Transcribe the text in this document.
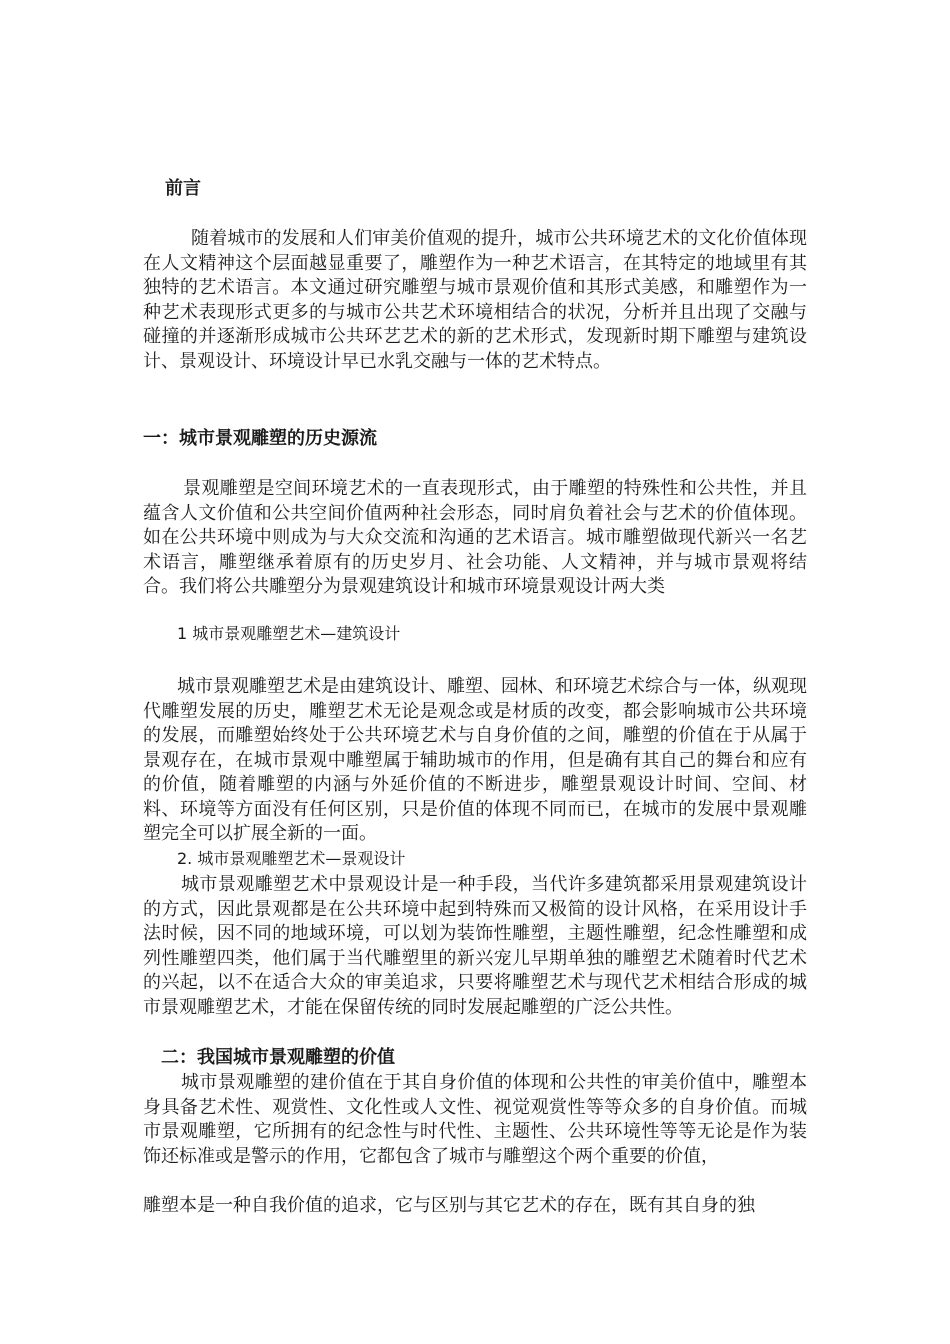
前言

随着城市的发展和人们审美价值观的提升，城市公共环境艺术的文化价值体现在人文精神这个层面越显重要了，雕塑作为一种艺术语言，在其特定的地域里有其独特的艺术语言。本文通过研究雕塑与城市景观价值和其形式美感，和雕塑作为一种艺术表现形式更多的与城市公共艺术环境相结合的状况，分析并且出现了交融与碰撞的并逐渐形成城市公共环艺艺术的新的艺术形式，发现新时期下雕塑与建筑设计、景观设计、环境设计早已水乳交融与一体的艺术特点。

一：城市景观雕塑的历史源流

景观雕塑是空间环境艺术的一直表现形式，由于雕塑的特殊性和公共性，并且蕴含人文价值和公共空间价值两种社会形态，同时肩负着社会与艺术的价值体现。如在公共环境中则成为与大众交流和沟通的艺术语言。城市雕塑做现代新兴一名艺术语言，雕塑继承着原有的历史岁月、社会功能、人文精神，并与城市景观将结合。我们将公共雕塑分为景观建筑设计和城市环境景观设计两大类

1 城市景观雕塑艺术—建筑设计

城市景观雕塑艺术是由建筑设计、雕塑、园林、和环境艺术综合与一体，纵观现代雕塑发展的历史，雕塑艺术无论是观念或是材质的改变，都会影响城市公共环境的发展，而雕塑始终处于公共环境艺术与自身价值的之间，雕塑的价值在于从属于景观存在，在城市景观中雕塑属于辅助城市的作用，但是确有其自己的舞台和应有的价值，随着雕塑的内涵与外延价值的不断进步，雕塑景观设计时间、空间、材料、环境等方面没有任何区别，只是价值的体现不同而已，在城市的发展中景观雕塑完全可以扩展全新的一面。

2. 城市景观雕塑艺术—景观设计

城市景观雕塑艺术中景观设计是一种手段，当代许多建筑都采用景观建筑设计的方式，因此景观都是在公共环境中起到特殊而又极简的设计风格，在采用设计手法时候，因不同的地域环境，可以划为装饰性雕塑，主题性雕塑，纪念性雕塑和成列性雕塑四类，他们属于当代雕塑里的新兴宠儿早期单独的雕塑艺术随着时代艺术的兴起，以不在适合大众的审美追求，只要将雕塑艺术与现代艺术相结合形成的城市景观雕塑艺术，才能在保留传统的同时发展起雕塑的广泛公共性。

二：我国城市景观雕塑的价值

城市景观雕塑的建价值在于其自身价值的体现和公共性的审美价值中，雕塑本身具备艺术性、观赏性、文化性或人文性、视觉观赏性等等众多的自身价值。而城市景观雕塑，它所拥有的纪念性与时代性、主题性、公共环境性等等无论是作为装饰还标准或是警示的作用，它都包含了城市与雕塑这个两个重要的价值，

雕塑本是一种自我价值的追求，它与区别与其它艺术的存在，既有其自身的独
